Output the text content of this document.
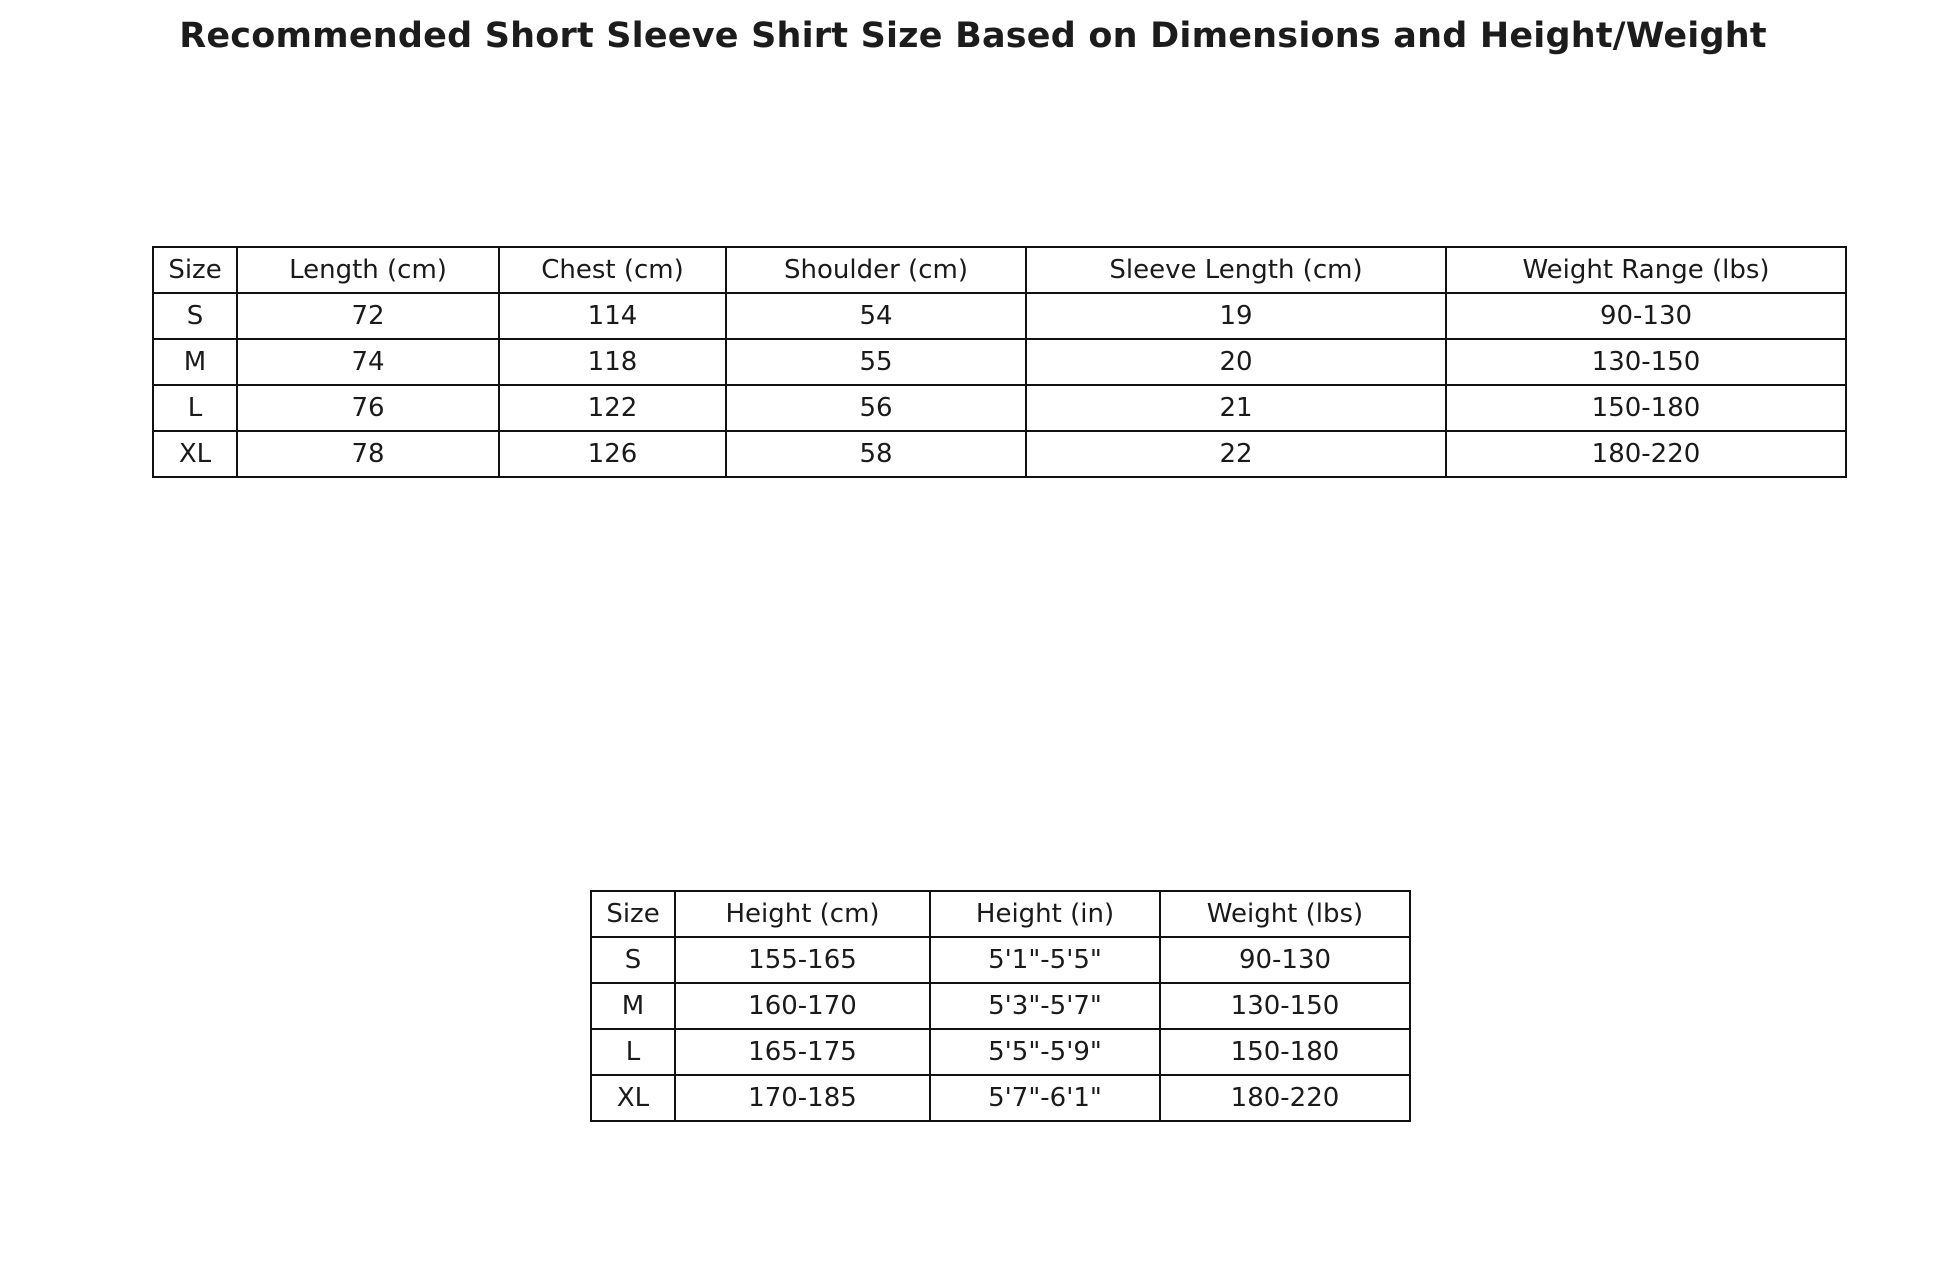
Recommended Short Sleeve Shirt Size Based on Dimensions and Height/Weight
Size	Length (cm)	Chest (cm)	Shoulder (cm)	Sleeve Length (cm)	Weight Range (lbs)
S	72	114	54	19	90-130
M	74	118	55	20	130-150
L	76	122	56	21	150-180
XL	78	126	58	22	180-220
Size	Height (cm)	Height (in)	Weight (lbs)
S	155-165	5'1"-5'5"	90-130
M	160-170	5'3"-5'7"	130-150
L	165-175	5'5"-5'9"	150-180
XL	170-185	5'7"-6'1"	180-220
